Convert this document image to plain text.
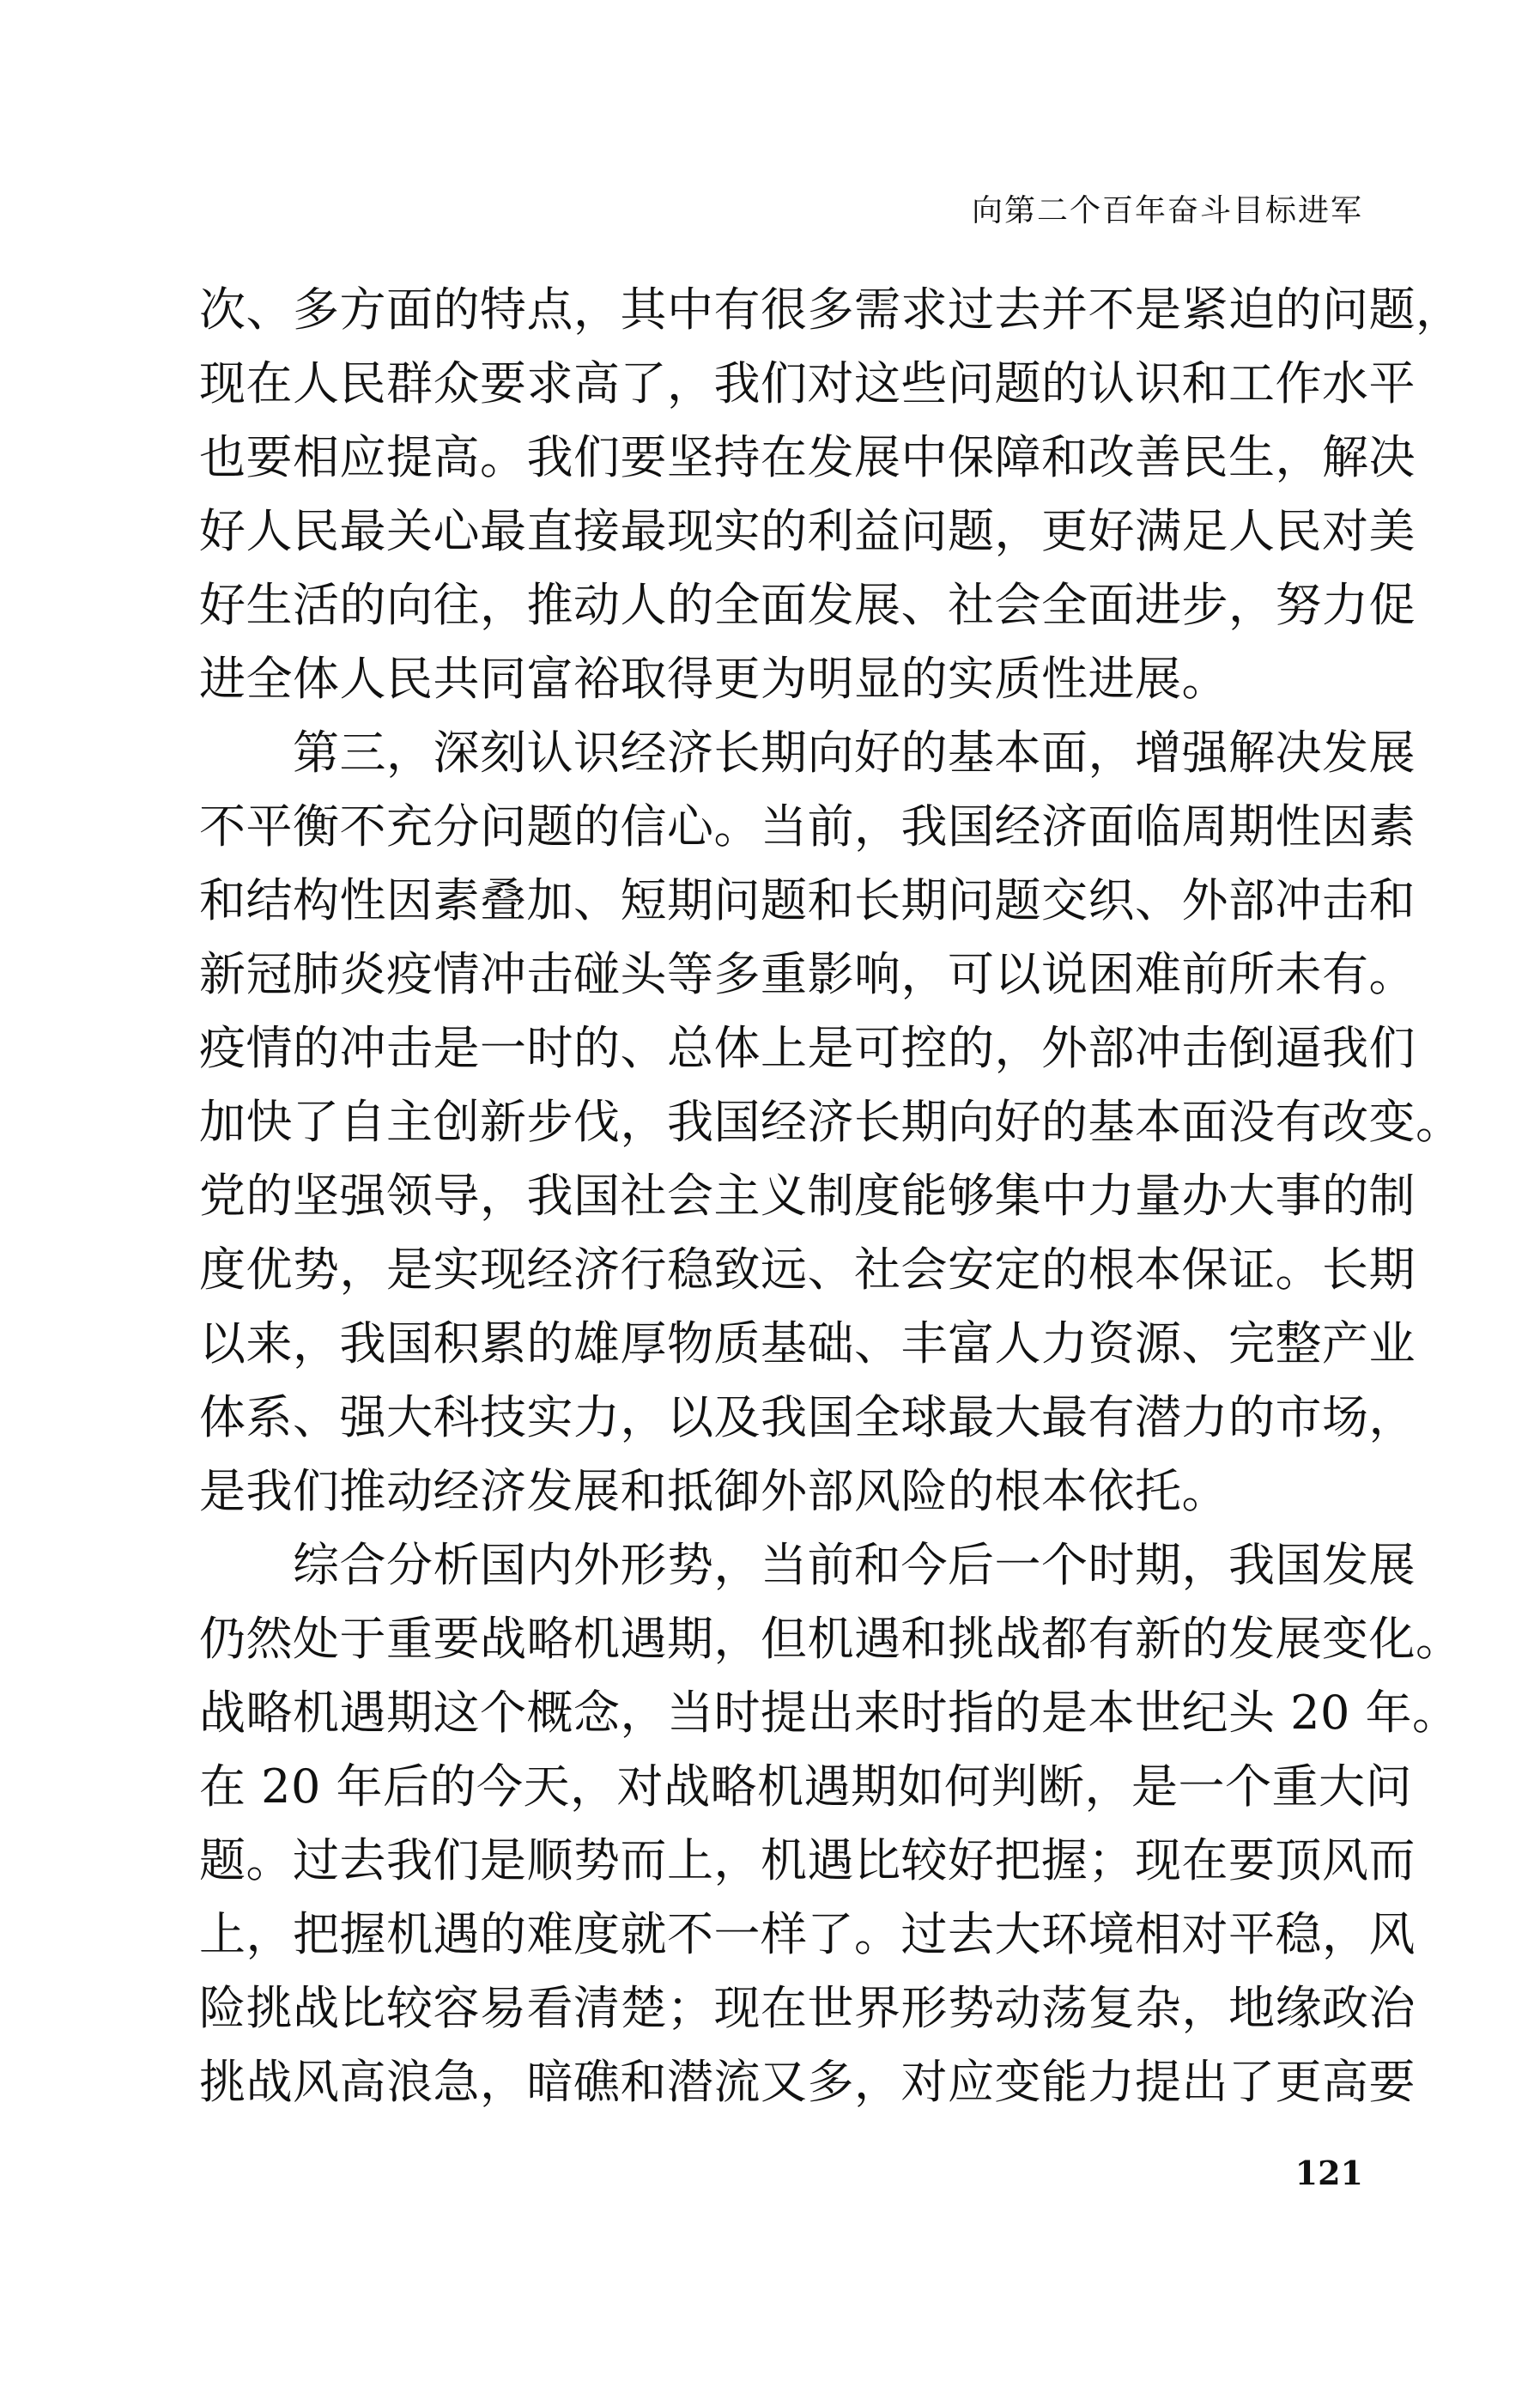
向第二个百年奋斗目标进军
次、多方面的特点，其中有很多需求过去并不是紧迫的问题，
现在人民群众要求高了，我们对这些问题的认识和工作水平
也要相应提高。我们要坚持在发展中保障和改善民生，解决
好人民最关心最直接最现实的利益问题，更好满足人民对美
好生活的向往，推动人的全面发展、社会全面进步，努力促
进全体人民共同富裕取得更为明显的实质性进展。
　　第三，深刻认识经济长期向好的基本面，增强解决发展
不平衡不充分问题的信心。当前，我国经济面临周期性因素
和结构性因素叠加、短期问题和长期问题交织、外部冲击和
新冠肺炎疫情冲击碰头等多重影响，可以说困难前所未有。
疫情的冲击是一时的、总体上是可控的，外部冲击倒逼我们
加快了自主创新步伐，我国经济长期向好的基本面没有改变。
党的坚强领导，我国社会主义制度能够集中力量办大事的制
度优势，是实现经济行稳致远、社会安定的根本保证。长期
以来，我国积累的雄厚物质基础、丰富人力资源、完整产业
体系、强大科技实力，以及我国全球最大最有潜力的市场，
是我们推动经济发展和抵御外部风险的根本依托。
　　综合分析国内外形势，当前和今后一个时期，我国发展
仍然处于重要战略机遇期，但机遇和挑战都有新的发展变化。
战略机遇期这个概念，当时提出来时指的是本世纪头 20 年。
在 20 年后的今天，对战略机遇期如何判断，是一个重大问
题。过去我们是顺势而上，机遇比较好把握；现在要顶风而
上，把握机遇的难度就不一样了。过去大环境相对平稳，风
险挑战比较容易看清楚；现在世界形势动荡复杂，地缘政治
挑战风高浪急，暗礁和潜流又多，对应变能力提出了更高要
121
